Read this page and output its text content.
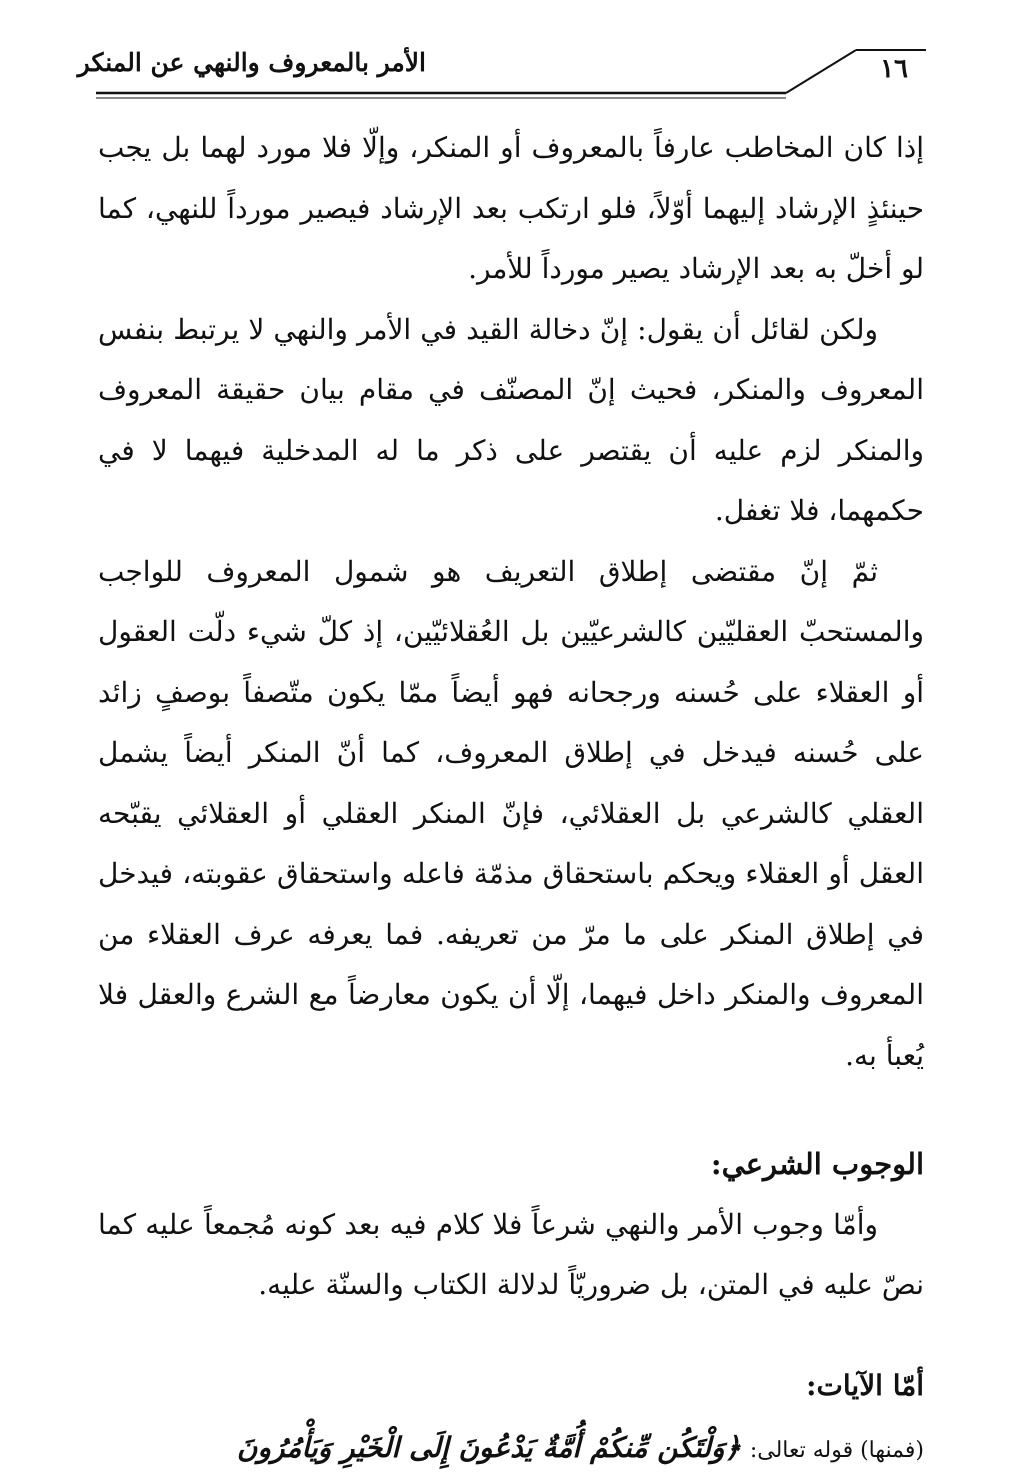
الأمر بالمعروف والنهي عن المنكر	١٦

إذا كان المخاطب عارفاً بالمعروف أو المنكر، وإلّا فلا مورد لهما بل يجب حينئذٍ الإرشاد إليهما أوّلاً، فلو ارتكب بعد الإرشاد فيصير مورداً للنهي، كما لو أخلّ به بعد الإرشاد يصير مورداً للأمر.

ولكن لقائل أن يقول: إنّ دخالة القيد في الأمر والنهي لا يرتبط بنفس المعروف والمنكر، فحيث إنّ المصنّف في مقام بيان حقيقة المعروف والمنكر لزم عليه أن يقتصر على ذكر ما له المدخلية فيهما لا في حكمهما، فلا تغفل.

ثمّ إنّ مقتضى إطلاق التعريف هو شمول المعروف للواجب والمستحبّ العقليّين كالشرعيّين بل العُقلائيّين، إذ كلّ شيء دلّت العقول أو العقلاء على حُسنه ورجحانه فهو أيضاً ممّا يكون متّصفاً بوصفٍ زائد على حُسنه فيدخل في إطلاق المعروف، كما أنّ المنكر أيضاً يشمل العقلي كالشرعي بل العقلائي، فإنّ المنكر العقلي أو العقلائي يقبّحه العقل أو العقلاء ويحكم باستحقاق مذمّة فاعله واستحقاق عقوبته، فيدخل في إطلاق المنكر على ما مرّ من تعريفه. فما يعرفه عرف العقلاء من المعروف والمنكر داخل فيهما، إلّا أن يكون معارضاً مع الشرع والعقل فلا يُعبأ به.

الوجوب الشرعي:

وأمّا وجوب الأمر والنهي شرعاً فلا كلام فيه بعد كونه مُجمعاً عليه كما نصّ عليه في المتن، بل ضروريّاً لدلالة الكتاب والسنّة عليه.

أمّا الآيات:

(فمنها) قوله تعالى: ﴿وَلْتَكُن مِّنكُمْ أُمَّةٌ يَدْعُونَ إِلَى الْخَيْرِ وَيَأْمُرُونَ
